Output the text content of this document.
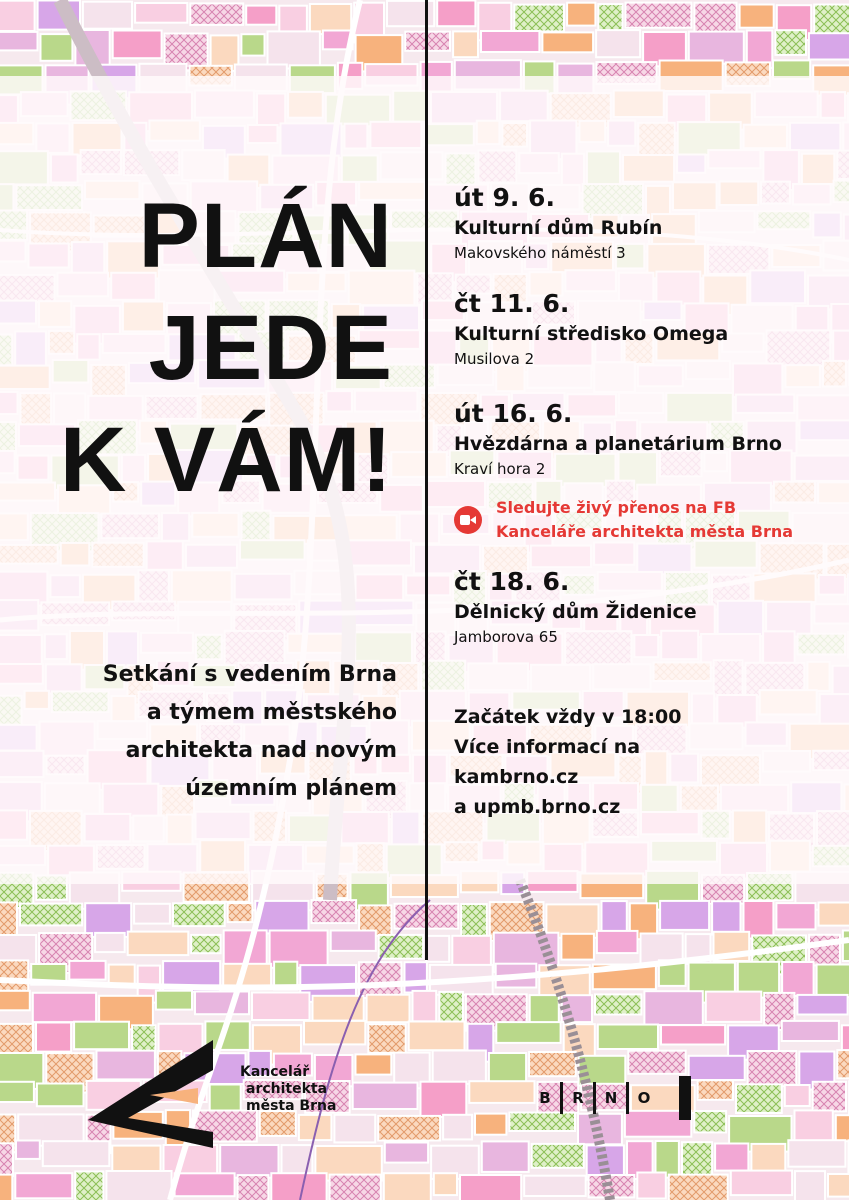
PLÁN
JEDE
K VÁM!
Setkání s vedením Brna
a týmem městského
architekta nad novým
územním plánem
út 9. 6.
Kulturní dům Rubín
Makovského náměstí 3
čt 11. 6.
Kulturní středisko Omega
Musilova 2
út 16. 6.
Hvězdárna a planetárium Brno
Kraví hora 2
Sledujte živý přenos na FB
Kanceláře architekta města Brna
čt 18. 6.
Dělnický dům Židenice
Jamborova 65
Začátek vždy v 18:00
Více informací na
kambrno.cz
a upmb.brno.cz
Kancelář
architekta
města Brna	B	R	N	O
